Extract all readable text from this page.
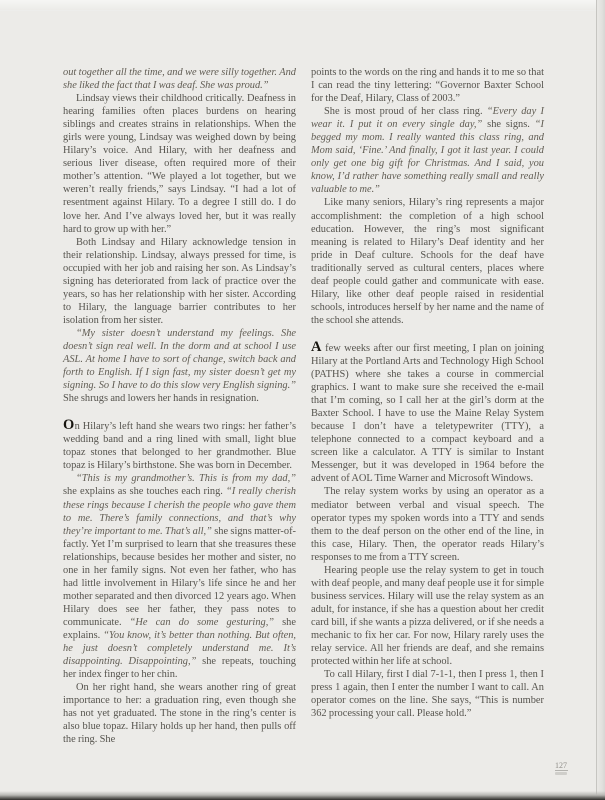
out together all the time, and we were silly together. And she liked the fact that I was deaf. She was proud.”

Lindsay views their childhood critically. Deafness in hearing families often places burdens on hearing siblings and creates strains in relationships. When the girls were young, Lindsay was weighed down by being Hilary’s voice. And Hilary, with her deafness and serious liver disease, often required more of their mother’s attention. “We played a lot together, but we weren’t really friends,” says Lindsay. “I had a lot of resentment against Hilary. To a degree I still do. I do love her. And I’ve always loved her, but it was really hard to grow up with her.”

Both Lindsay and Hilary acknowledge tension in their relationship. Lindsay, always pressed for time, is occupied with her job and raising her son. As Lindsay’s signing has deteriorated from lack of practice over the years, so has her relationship with her sister. According to Hilary, the language barrier contributes to her isolation from her sister.

“My sister doesn’t understand my feelings. She doesn’t sign real well. In the dorm and at school I use ASL. At home I have to sort of change, switch back and forth to English. If I sign fast, my sister doesn’t get my signing. So I have to do this slow very English signing.” She shrugs and lowers her hands in resignation.

On Hilary’s left hand she wears two rings: her father’s wedding band and a ring lined with small, light blue topaz stones that belonged to her grandmother. Blue topaz is Hilary’s birthstone. She was born in December.

“This is my grandmother’s. This is from my dad,” she explains as she touches each ring. “I really cherish these rings because I cherish the people who gave them to me. There’s family connections, and that’s why they’re important to me. That’s all,” she signs matter-of-factly. Yet I’m surprised to learn that she treasures these relationships, because besides her mother and sister, no one in her family signs. Not even her father, who has had little involvement in Hilary’s life since he and her mother separated and then divorced 12 years ago. When Hilary does see her father, they pass notes to communicate. “He can do some gesturing,” she explains. “You know, it’s better than nothing. But often, he just doesn’t completely understand me. It’s disappointing. Disappointing,” she repeats, touching her index finger to her chin.

On her right hand, she wears another ring of great importance to her: a graduation ring, even though she has not yet graduated. The stone in the ring’s center is also blue topaz. Hilary holds up her hand, then pulls off the ring. She

points to the words on the ring and hands it to me so that I can read the tiny lettering: “Governor Baxter School for the Deaf, Hilary, Class of 2003.”

She is most proud of her class ring. “Every day I wear it. I put it on every single day,” she signs. “I begged my mom. I really wanted this class ring, and Mom said, ‘Fine.’ And finally, I got it last year. I could only get one big gift for Christmas. And I said, you know, I’d rather have something really small and really valuable to me.”

Like many seniors, Hilary’s ring represents a major accomplishment: the completion of a high school education. However, the ring’s most significant meaning is related to Hilary’s Deaf identity and her pride in Deaf culture. Schools for the deaf have traditionally served as cultural centers, places where deaf people could gather and communicate with ease. Hilary, like other deaf people raised in residential schools, introduces herself by her name and the name of the school she attends.

A few weeks after our first meeting, I plan on joining Hilary at the Portland Arts and Technology High School (PATHS) where she takes a course in commercial graphics. I want to make sure she received the e-mail that I’m coming, so I call her at the girl’s dorm at the Baxter School. I have to use the Maine Relay System because I don’t have a teletypewriter (TTY), a telephone connected to a compact keyboard and a screen like a calculator. A TTY is similar to Instant Messenger, but it was developed in 1964 before the advent of AOL Time Warner and Microsoft Windows.

The relay system works by using an operator as a mediator between verbal and visual speech. The operator types my spoken words into a TTY and sends them to the deaf person on the other end of the line, in this case, Hilary. Then, the operator reads Hilary’s responses to me from a TTY screen.

Hearing people use the relay system to get in touch with deaf people, and many deaf people use it for simple business services. Hilary will use the relay system as an adult, for instance, if she has a question about her credit card bill, if she wants a pizza delivered, or if she needs a mechanic to fix her car. For now, Hilary rarely uses the relay service. All her friends are deaf, and she remains protected within her life at school.

To call Hilary, first I dial 7-1-1, then I press 1, then I press 1 again, then I enter the number I want to call. An operator comes on the line. She says, “This is number 362 processing your call. Please hold.”

127
